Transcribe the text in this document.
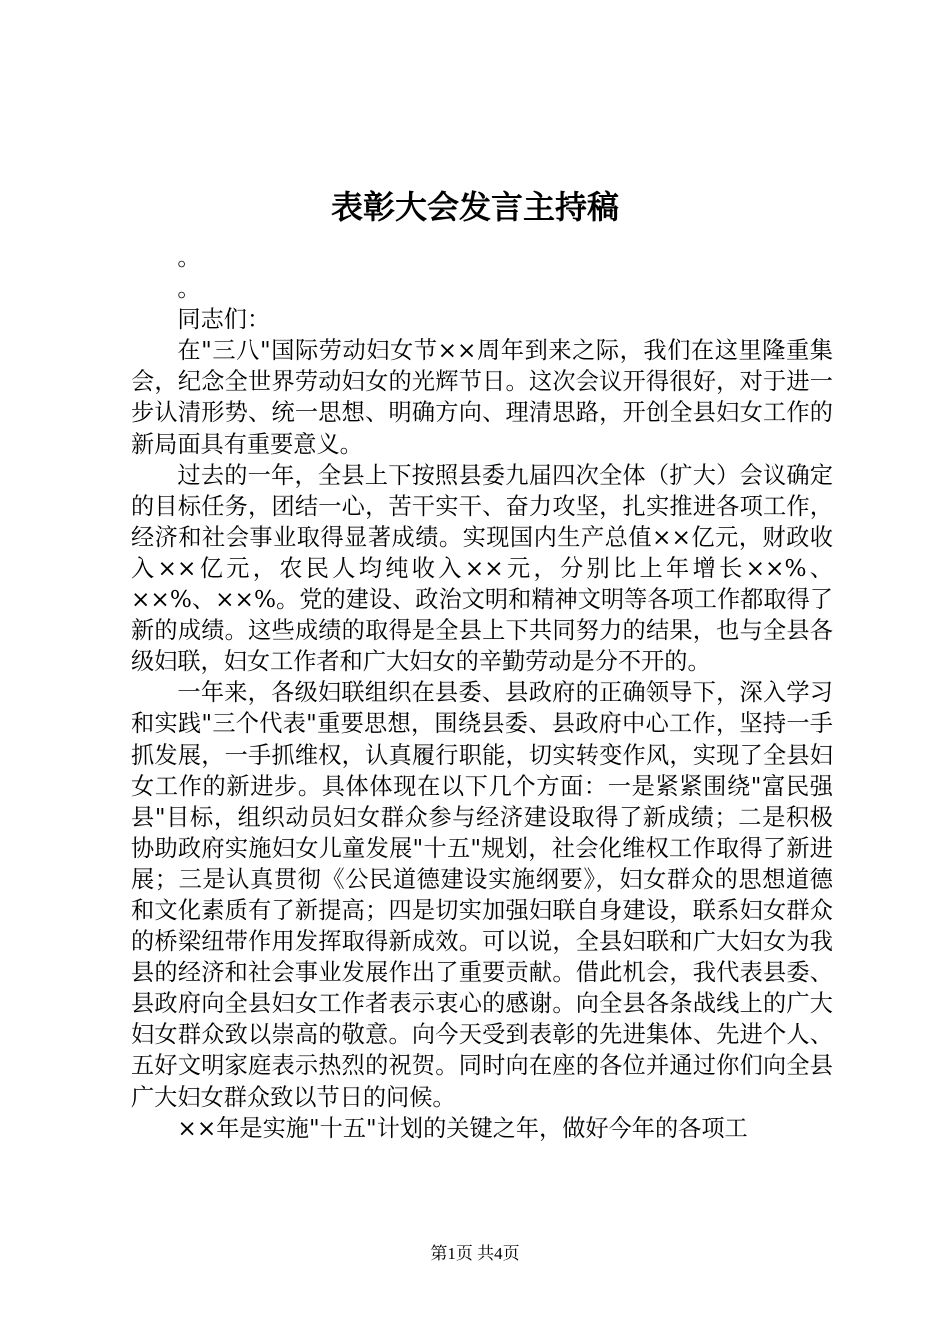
表彰大会发言主持稿

。

。

同志们：

在"三八"国际劳动妇女节××周年到来之际，我们在这里隆重集会，纪念全世界劳动妇女的光辉节日。这次会议开得很好，对于进一步认清形势、统一思想、明确方向、理清思路，开创全县妇女工作的新局面具有重要意义。

过去的一年，全县上下按照县委九届四次全体（扩大）会议确定的目标任务，团结一心，苦干实干、奋力攻坚，扎实推进各项工作，经济和社会事业取得显著成绩。实现国内生产总值××亿元，财政收入××亿元，农民人均纯收入××元，分别比上年增长××%、××%、××%。党的建设、政治文明和精神文明等各项工作都取得了新的成绩。这些成绩的取得是全县上下共同努力的结果，也与全县各级妇联，妇女工作者和广大妇女的辛勤劳动是分不开的。

一年来，各级妇联组织在县委、县政府的正确领导下，深入学习和实践"三个代表"重要思想，围绕县委、县政府中心工作，坚持一手抓发展，一手抓维权，认真履行职能，切实转变作风，实现了全县妇女工作的新进步。具体体现在以下几个方面：一是紧紧围绕"富民强县"目标，组织动员妇女群众参与经济建设取得了新成绩；二是积极协助政府实施妇女儿童发展"十五"规划，社会化维权工作取得了新进展；三是认真贯彻《公民道德建设实施纲要》，妇女群众的思想道德和文化素质有了新提高；四是切实加强妇联自身建设，联系妇女群众的桥梁纽带作用发挥取得新成效。可以说，全县妇联和广大妇女为我县的经济和社会事业发展作出了重要贡献。借此机会，我代表县委、县政府向全县妇女工作者表示衷心的感谢。向全县各条战线上的广大妇女群众致以崇高的敬意。向今天受到表彰的先进集体、先进个人、五好文明家庭表示热烈的祝贺。同时向在座的各位并通过你们向全县广大妇女群众致以节日的问候。

××年是实施"十五"计划的关键之年，做好今年的各项工

第1页 共4页
